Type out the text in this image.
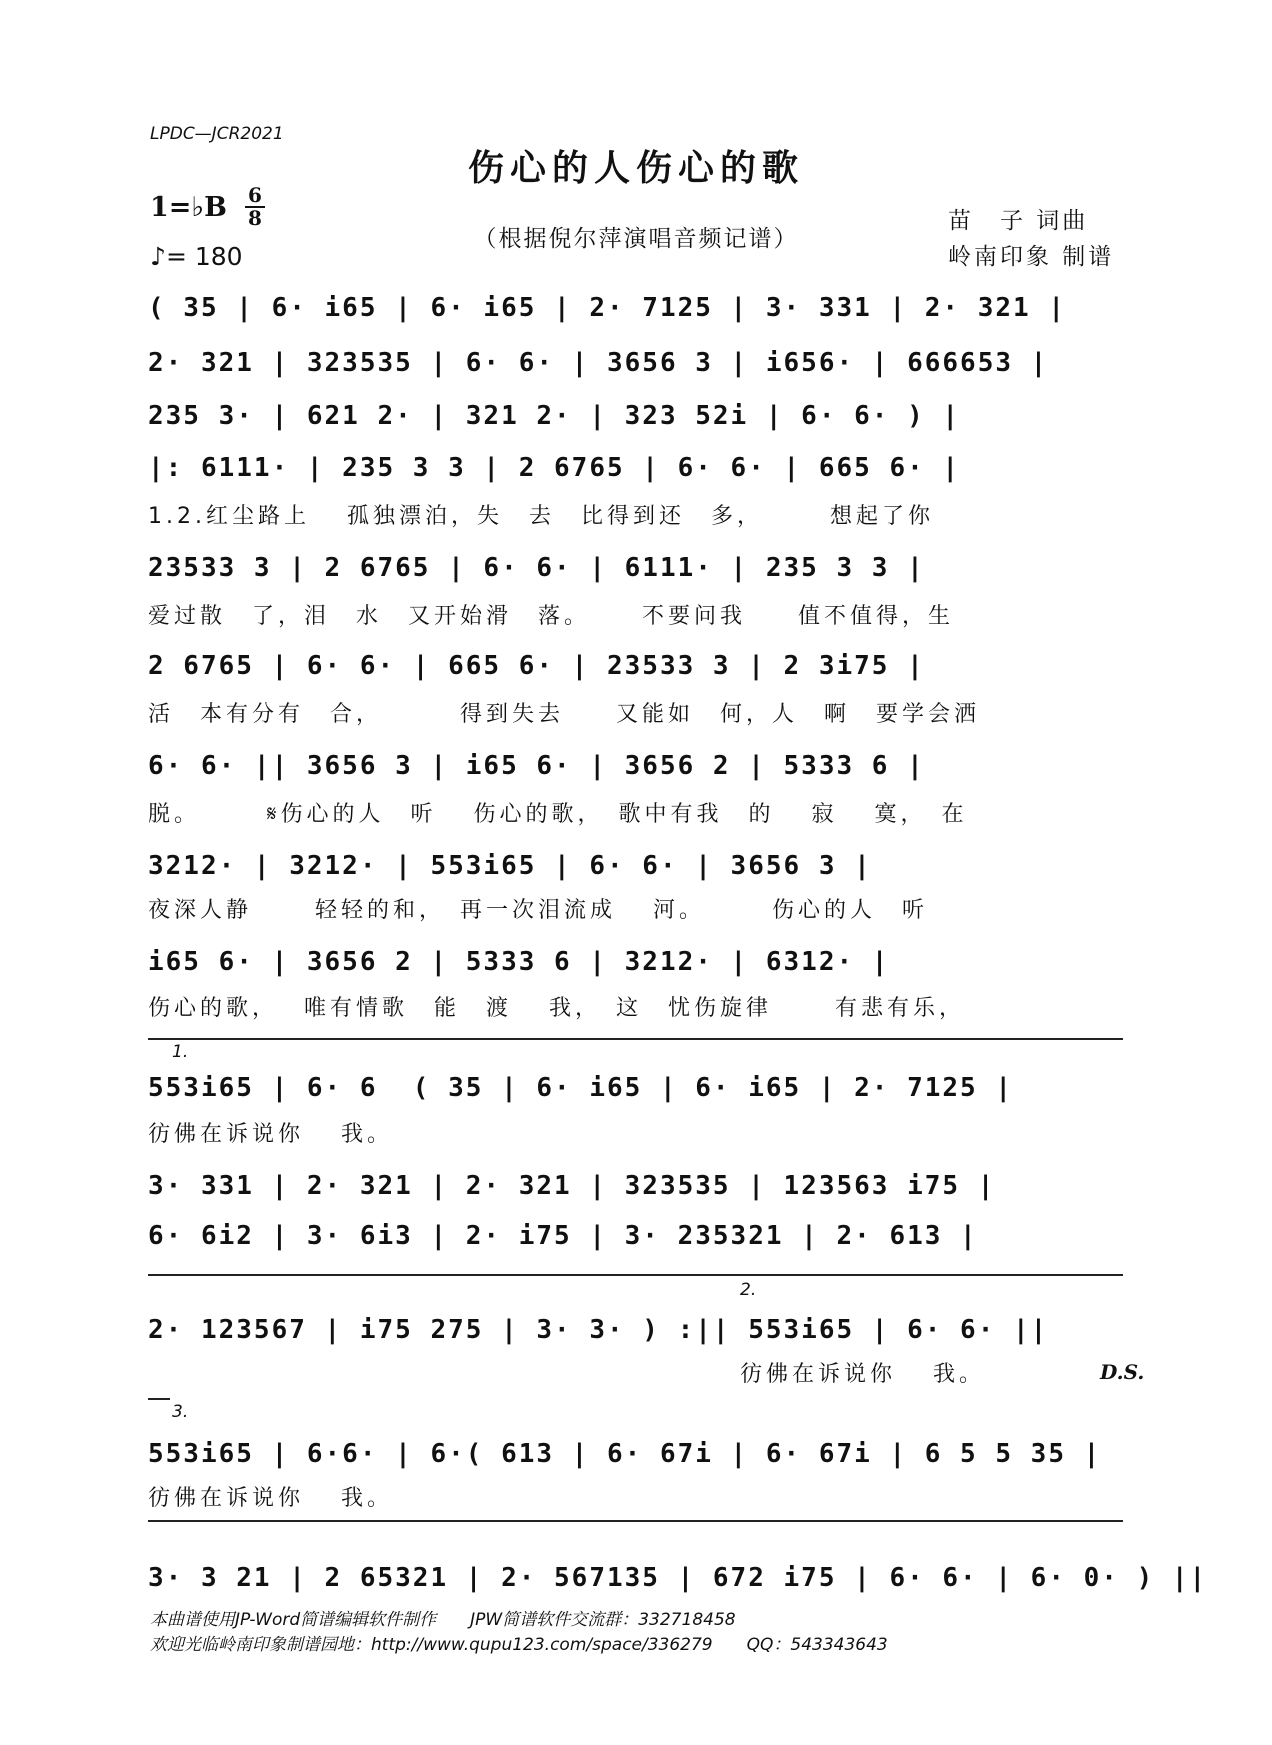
LPDC—JCR2021
伤心的人伤心的歌
1=♭B 6
8
♪= 180
（根据倪尔萍演唱音频记谱）
苗　子 词曲
岭南印象 制谱
( 35 | 6· i65 | 6· i65 | 2· 7125 | 3· 331 | 2· 321 |
2· 321 | 323535 | 6· 6· | 3656 3 | i656· | 666653 |
235 3· | 621 2· | 321 2· | 323 52i | 6· 6· ) |
|: 6111· | 235 3 3 | 2 6765 | 6· 6· | 665 6· |
1.2.红尘路上　 孤独漂泊，失　去　比得到还　多，　　　想起了你
23533 3 | 2 6765 | 6· 6· | 6111· | 235 3 3 |
爱过散　了，泪　水　又开始滑　落。　　 不要问我　　值不值得，生
2 6765 | 6· 6· | 665 6· | 23533 3 | 2 3i75 |
活　本有分有　合，　　　 得到失去　　又能如　何，人　啊　要学会洒
6· 6· || 3656 3 | i65 6· | 3656 2 | 5333 6 |
脱。　　　𝄋伤心的人　听　 伤心的歌，　歌中有我　的　 寂　 寞，　在
3212· | 3212· | 553i65 | 6· 6· | 3656 3 |
夜深人静　　 轻轻的和，　再一次泪流成　 河。　　　伤心的人　听
i65 6· | 3656 2 | 5333 6 | 3212· | 6312· |
伤心的歌，　 唯有情歌　能　渡　 我，　这　忧伤旋律　　 有悲有乐，
1.
553i65 | 6· 6  ( 35 | 6· i65 | 6· i65 | 2· 7125 |
彷佛在诉说你　 我。
3· 331 | 2· 321 | 2· 321 | 323535 | 123563 i75 |
6· 6i2 | 3· 6i3 | 2· i75 | 3· 235321 | 2· 613 |
2.
2· 123567 | i75 275 | 3· 3· ) :|| 553i65 | 6· 6· ||
彷佛在诉说你　 我。	D.S.
3.
553i65 | 6·6· | 6·( 613 | 6· 67i | 6· 67i | 6 5 5 35 |
彷佛在诉说你　 我。
3· 3 21 | 2 65321 | 2· 567135 | 672 i75 | 6· 6· | 6· 0· ) ||
本曲谱使用JP-Word简谱编辑软件制作　　JPW简谱软件交流群：332718458
欢迎光临岭南印象制谱园地：http://www.qupu123.com/space/336279　　QQ：543343643
